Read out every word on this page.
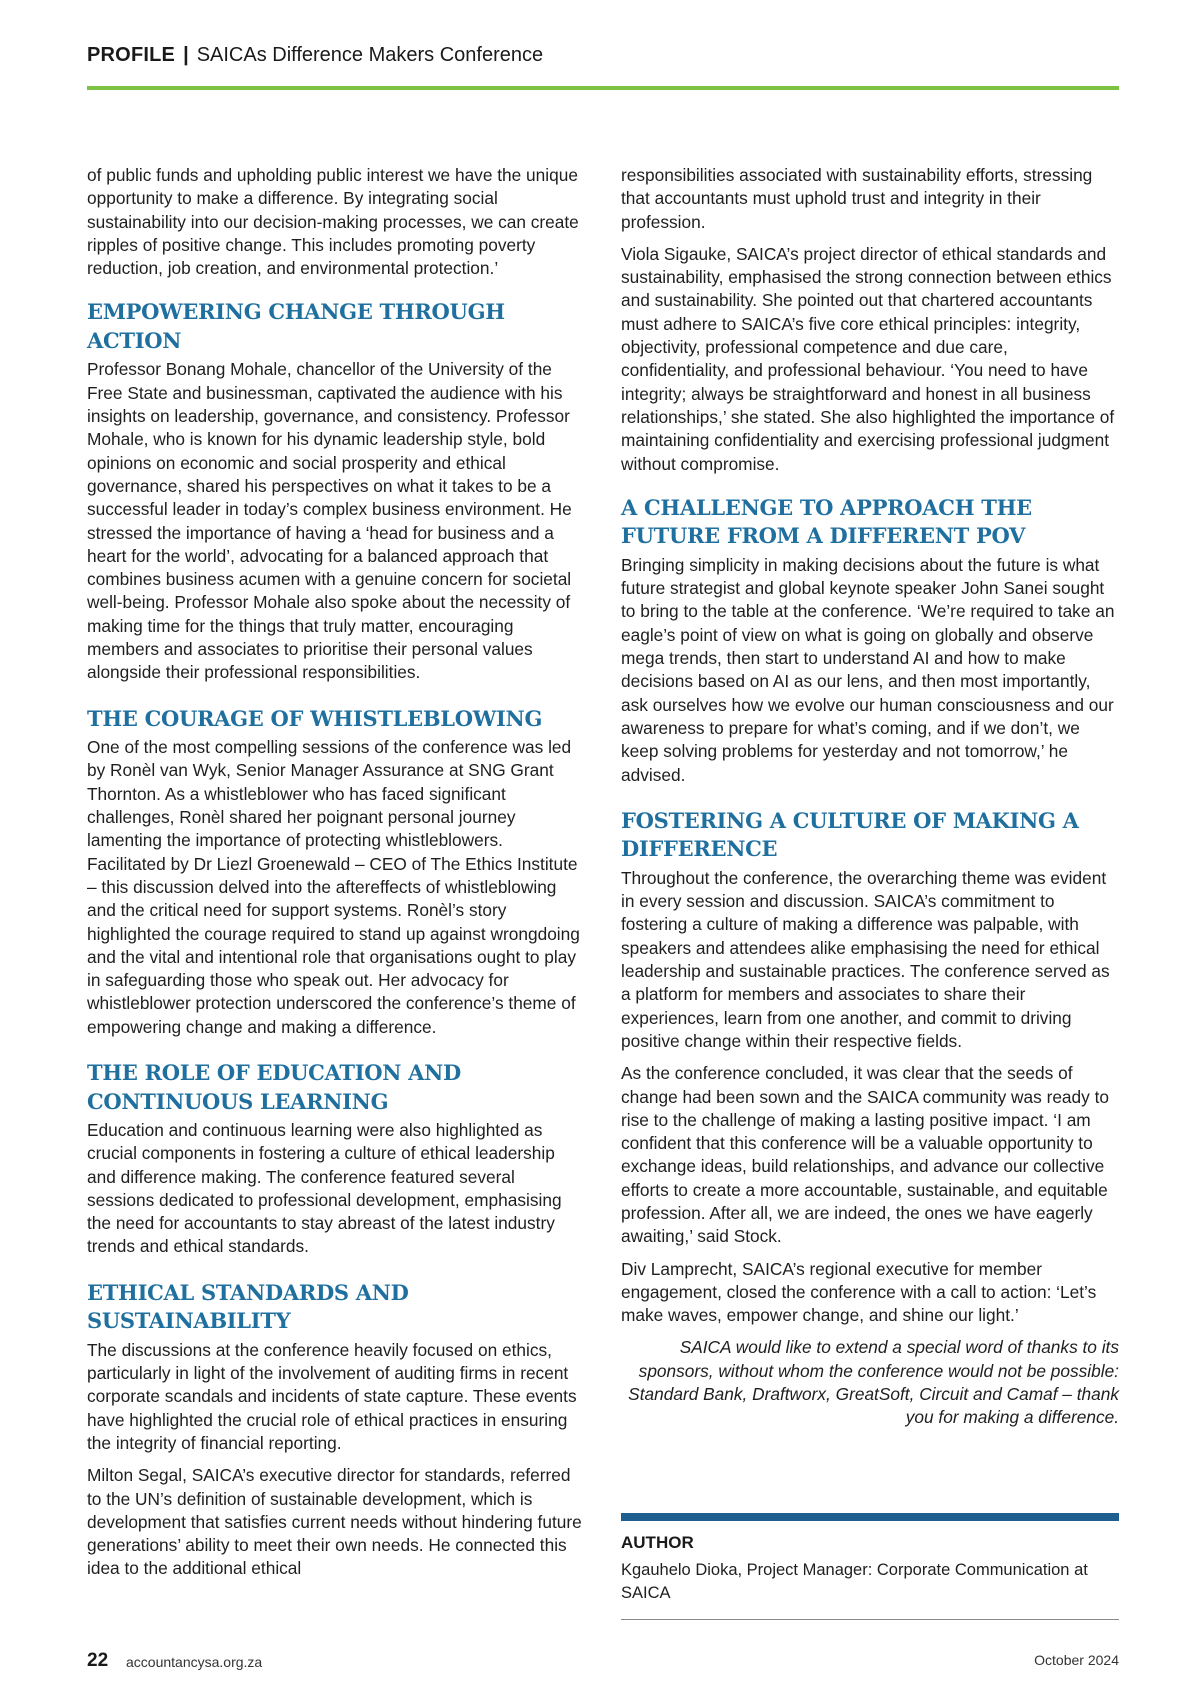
PROFILE | SAICAs Difference Makers Conference

of public funds and upholding public interest we have the unique opportunity to make a difference. By integrating social sustainability into our decision-making processes, we can create ripples of positive change. This includes promoting poverty reduction, job creation, and environmental protection.’

EMPOWERING CHANGE THROUGH ACTION

Professor Bonang Mohale, chancellor of the University of the Free State and businessman, captivated the audience with his insights on leadership, governance, and consistency. Professor Mohale, who is known for his dynamic leadership style, bold opinions on economic and social prosperity and ethical governance, shared his perspectives on what it takes to be a successful leader in today’s complex business environment. He stressed the importance of having a ‘head for business and a heart for the world’, advocating for a balanced approach that combines business acumen with a genuine concern for societal well-being. Professor Mohale also spoke about the necessity of making time for the things that truly matter, encouraging members and associates to prioritise their personal values alongside their professional responsibilities.

THE COURAGE OF WHISTLEBLOWING

One of the most compelling sessions of the conference was led by Ronèl van Wyk, Senior Manager Assurance at SNG Grant Thornton. As a whistleblower who has faced significant challenges, Ronèl shared her poignant personal journey lamenting the importance of protecting whistleblowers. Facilitated by Dr Liezl Groenewald – CEO of The Ethics Institute – this discussion delved into the aftereffects of whistleblowing and the critical need for support systems. Ronèl’s story highlighted the courage required to stand up against wrongdoing and the vital and intentional role that organisations ought to play in safeguarding those who speak out. Her advocacy for whistleblower protection underscored the conference’s theme of empowering change and making a difference.

THE ROLE OF EDUCATION AND CONTINUOUS LEARNING

Education and continuous learning were also highlighted as crucial components in fostering a culture of ethical leadership and difference making. The conference featured several sessions dedicated to professional development, emphasising the need for accountants to stay abreast of the latest industry trends and ethical standards.

ETHICAL STANDARDS AND SUSTAINABILITY

The discussions at the conference heavily focused on ethics, particularly in light of the involvement of auditing firms in recent corporate scandals and incidents of state capture. These events have highlighted the crucial role of ethical practices in ensuring the integrity of financial reporting.

Milton Segal, SAICA’s executive director for standards, referred to the UN’s definition of sustainable development, which is development that satisfies current needs without hindering future generations’ ability to meet their own needs. He connected this idea to the additional ethical

responsibilities associated with sustainability efforts, stressing that accountants must uphold trust and integrity in their profession.

Viola Sigauke, SAICA’s project director of ethical standards and sustainability, emphasised the strong connection between ethics and sustainability. She pointed out that chartered accountants must adhere to SAICA’s five core ethical principles: integrity, objectivity, professional competence and due care, confidentiality, and professional behaviour. ‘You need to have integrity; always be straightforward and honest in all business relationships,’ she stated. She also highlighted the importance of maintaining confidentiality and exercising professional judgment without compromise.

A CHALLENGE TO APPROACH THE FUTURE FROM A DIFFERENT POV

Bringing simplicity in making decisions about the future is what future strategist and global keynote speaker John Sanei sought to bring to the table at the conference. ‘We’re required to take an eagle’s point of view on what is going on globally and observe mega trends, then start to understand AI and how to make decisions based on AI as our lens, and then most importantly, ask ourselves how we evolve our human consciousness and our awareness to prepare for what’s coming, and if we don’t, we keep solving problems for yesterday and not tomorrow,’ he advised.

FOSTERING A CULTURE OF MAKING A DIFFERENCE

Throughout the conference, the overarching theme was evident in every session and discussion. SAICA’s commitment to fostering a culture of making a difference was palpable, with speakers and attendees alike emphasising the need for ethical leadership and sustainable practices. The conference served as a platform for members and associates to share their experiences, learn from one another, and commit to driving positive change within their respective fields.

As the conference concluded, it was clear that the seeds of change had been sown and the SAICA community was ready to rise to the challenge of making a lasting positive impact. ‘I am confident that this conference will be a valuable opportunity to exchange ideas, build relationships, and advance our collective efforts to create a more accountable, sustainable, and equitable profession. After all, we are indeed, the ones we have eagerly awaiting,’ said Stock.

Div Lamprecht, SAICA’s regional executive for member engagement, closed the conference with a call to action: ‘Let’s make waves, empower change, and shine our light.’

SAICA would like to extend a special word of thanks to its sponsors, without whom the conference would not be possible: Standard Bank, Draftworx, GreatSoft, Circuit and Camaf – thank you for making a difference.

AUTHOR
Kgauhelo Dioka, Project Manager: Corporate Communication at SAICA
22 accountancysa.org.za	October 2024
